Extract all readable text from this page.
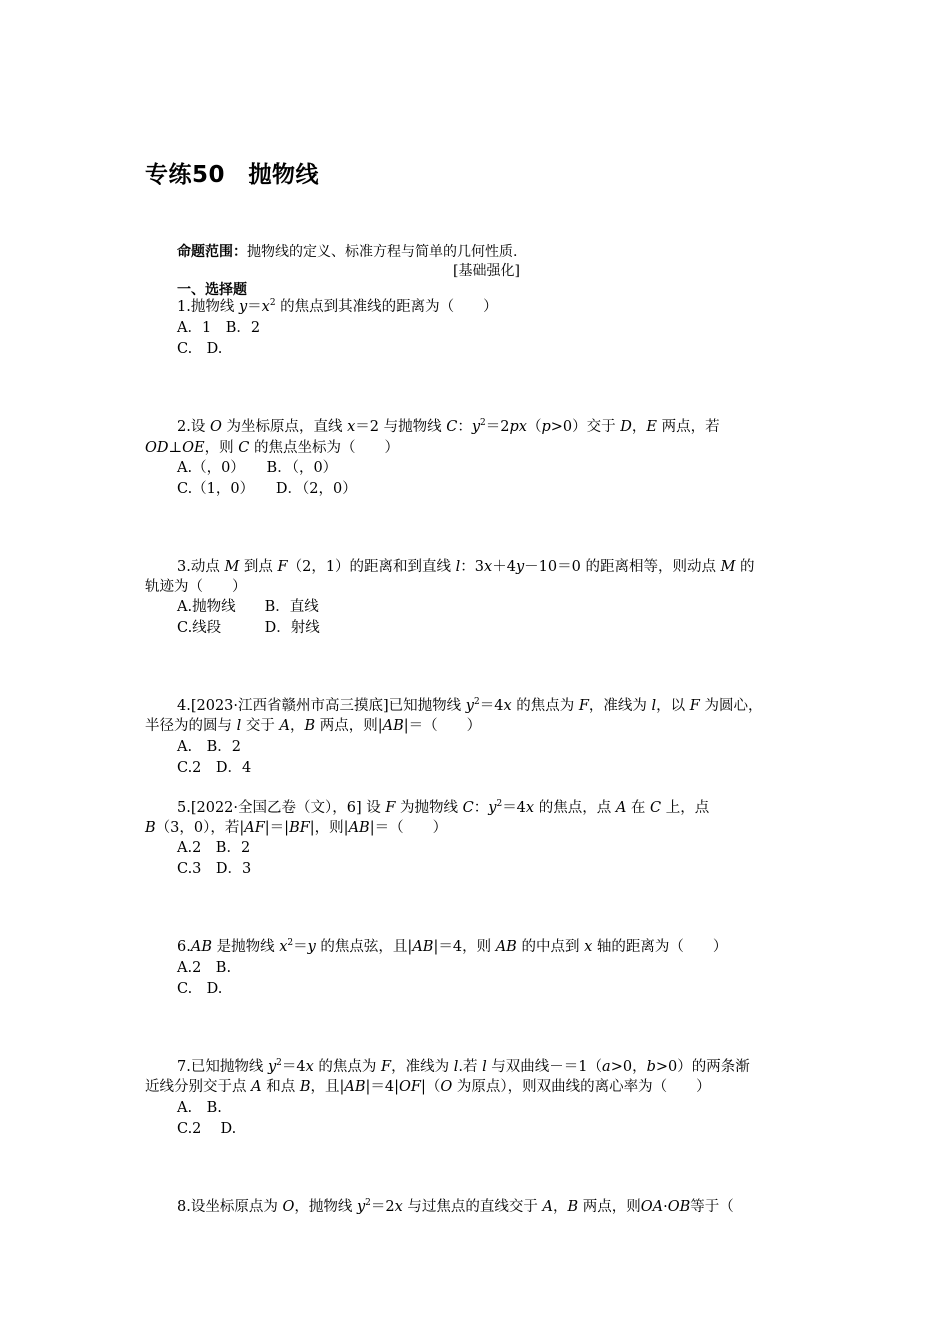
专练50　抛物线
命题范围：抛物线的定义、标准方程与简单的几何性质.
[基础强化]
一、选择题
1.抛物线 $y=x^2$ 的焦点到其准线的距离为（　　）
A．1　B．2
C.　D.
2.设 O 为坐标原点，直线 x＝2 与抛物线 C：$y^2=2px(p>0)$交于 D，E 两点，若
OD⊥OE，则 C 的焦点坐标为（　　）
A.（，0）　　B．（，0）
C.（1，0）　　D．（2，0）
3.动点 M 到点 F（2，1）的距离和到直线 l：3x＋4y－10＝0 的距离相等，则动点 M 的
轨迹为（　　）
A.抛物线　　B．直线
C.线段　　　D．射线
4.[2023·江西省赣州市高三摸底]已知抛物线 $y^2=4x$ 的焦点为 F，准线为 l，以 F 为圆心，
半径为的圆与 l 交于 A，B 两点，则|AB|＝（　　）
A.　B．2
C.2　D．4
5.[2022·全国乙卷（文），6] 设 F 为抛物线 C：$y^2=4x$ 的焦点，点 A 在 C 上，点
B（3，0），若|AF|＝|BF|，则|AB|＝（　　）
A.2　B．2
C.3　D．3
6.AB 是抛物线 $x^2=y$ 的焦点弦，且|AB|＝4，则 AB 的中点到 x 轴的距离为（　　）
A.2　B.
C.　D.
7.已知抛物线 $y^2=4x$ 的焦点为 F，准线为 l.若 l 与双曲线－＝1（a>0，b>0）的两条渐
近线分别交于点 A 和点 B，且|AB|＝4|OF|（O 为原点），则双曲线的离心率为（　　）
A.　B.
C.2　 D.
8.设坐标原点为 O，抛物线 $y^2=2x$ 与过焦点的直线交于 A，B 两点，则OA·OB等于（
